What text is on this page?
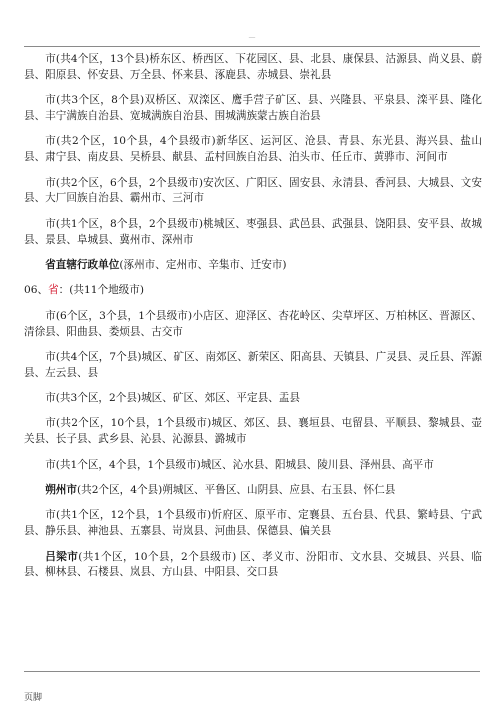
—

市(共4个区，13个县)桥东区、桥西区、下花园区、县、北县、康保县、沽源县、尚义县、蔚县、阳原县、怀安县、万全县、怀来县、涿鹿县、赤城县、崇礼县

市(共3个区，8个县)双桥区、双滦区、鹰手营子矿区、县、兴隆县、平泉县、滦平县、隆化县、丰宁满族自治县、宽城满族自治县、围城满族蒙古族自治县

市(共2个区，10个县，4个县级市)新华区、运河区、沧县、青县、东光县、海兴县、盐山县、肃宁县、南皮县、吴桥县、献县、孟村回族自治县、泊头市、任丘市、黄骅市、河间市

市(共2个区，6个县，2个县级市)安次区、广阳区、固安县、永清县、香河县、大城县、文安县、大厂回族自治县、霸州市、三河市

市(共1个区，8个县，2个县级市)桃城区、枣强县、武邑县、武强县、饶阳县、安平县、故城县、景县、阜城县、冀州市、深州市

省直辖行政单位(涿州市、定州市、辛集市、迁安市)

06、省：(共11个地级市)

市(6个区，3个县，1个县级市)小店区、迎泽区、杏花岭区、尖草坪区、万柏林区、晋源区、清徐县、阳曲县、娄烦县、古交市

市(共4个区，7个县)城区、矿区、南郊区、新荣区、阳高县、天镇县、广灵县、灵丘县、浑源县、左云县、县

市(共3个区，2个县)城区、矿区、郊区、平定县、盂县

市(共2个区，10个县，1个县级市)城区、郊区、县、襄垣县、屯留县、平顺县、黎城县、壶关县、长子县、武乡县、沁县、沁源县、潞城市

市(共1个区，4个县，1个县级市)城区、沁水县、阳城县、陵川县、泽州县、高平市

朔州市(共2个区，4个县)朔城区、平鲁区、山阴县、应县、右玉县、怀仁县

市(共1个区，12个县，1个县级市)忻府区、原平市、定襄县、五台县、代县、繁峙县、宁武县、静乐县、神池县、五寨县、岢岚县、河曲县、保德县、偏关县

吕梁市(共1个区，10个县，2个县级市) 区、孝义市、汾阳市、文水县、交城县、兴县、临县、柳林县、石楼县、岚县、方山县、中阳县、交口县

页脚
